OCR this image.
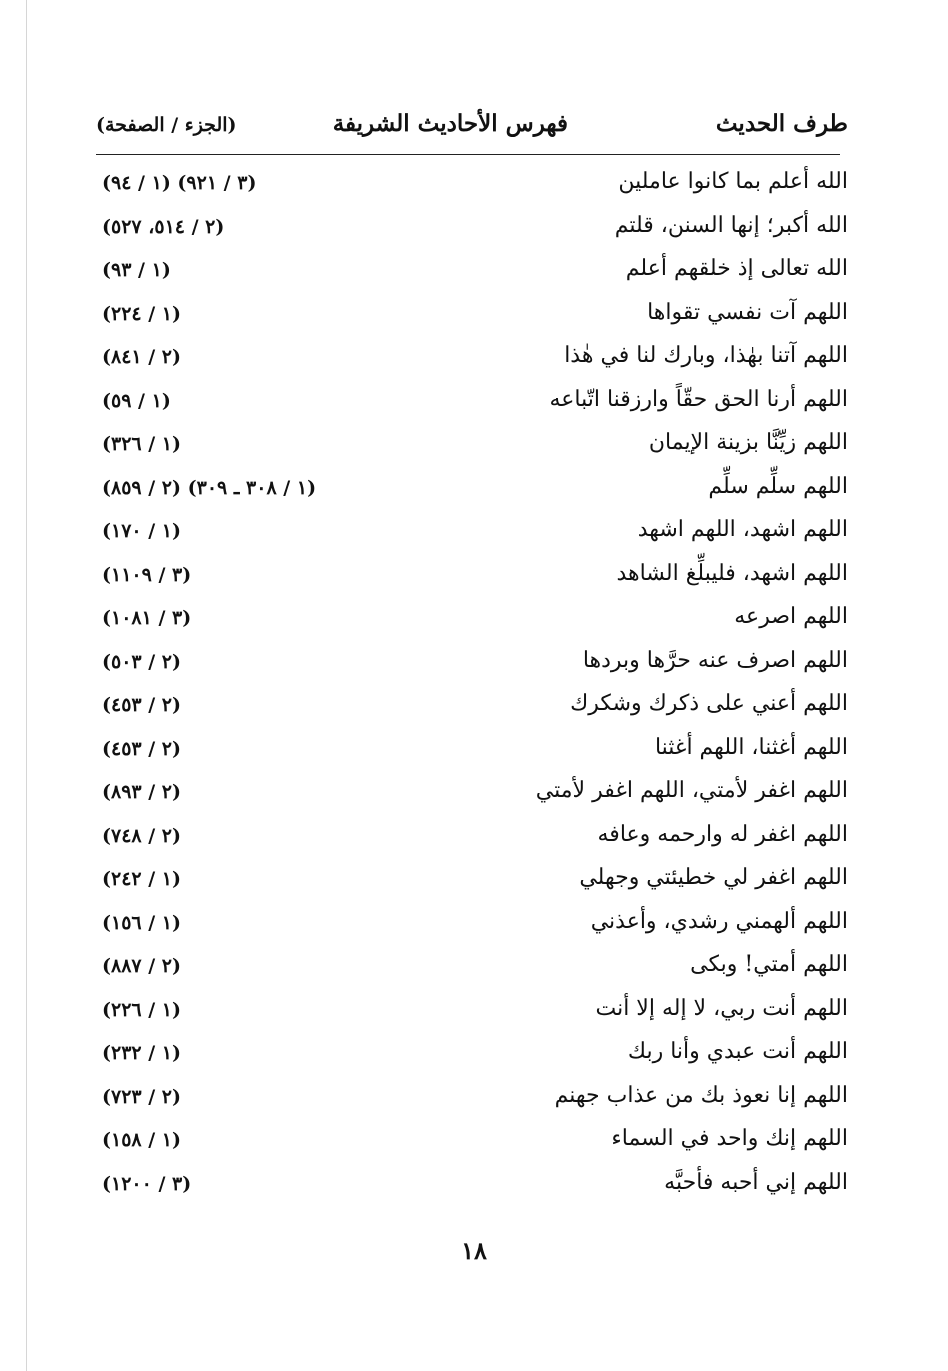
طرف الحديث
فهرس الأحاديث الشريفة
(الجزء / الصفحة)
الله أعلم بما كانوا عاملين
(١ / ٩٤) (٣ / ٩٢١)
الله أكبر؛ إنها السنن، قلتم
(٢ / ٥١٤، ٥٢٧)
الله تعالى إذ خلقهم أعلم
(١ / ٩٣)
اللهم آت نفسي تقواها
(١ / ٢٢٤)
اللهم آتنا بهٰذا، وبارك لنا في هٰذا
(٢ / ٨٤١)
اللهم أرنا الحق حقّاً وارزقنا اتّباعه
(١ / ٥٩)
اللهم زيِّنَّا بزينة الإيمان
(١ / ٣٢٦)
اللهم سلِّم سلِّم
(١ / ٣٠٨ ـ ٣٠٩) (٢ / ٨٥٩)
اللهم اشهد، اللهم اشهد
(١ / ١٧٠)
اللهم اشهد، فليبلِّغ الشاهد
(٣ / ١١٠٩)
اللهم اصرعه
(٣ / ١٠٨١)
اللهم اصرف عنه حرَّها وبردها
(٢ / ٥٠٣)
اللهم أعني على ذكرك وشكرك
(٢ / ٤٥٣)
اللهم أغثنا، اللهم أغثنا
(٢ / ٤٥٣)
اللهم اغفر لأمتي، اللهم اغفر لأمتي
(٢ / ٨٩٣)
اللهم اغفر له وارحمه وعافه
(٢ / ٧٤٨)
اللهم اغفر لي خطيئتي وجهلي
(١ / ٢٤٢)
اللهم ألهمني رشدي، وأعذني
(١ / ١٥٦)
اللهم أمتي! وبكى
(٢ / ٨٨٧)
اللهم أنت ربي، لا إله إلا أنت
(١ / ٢٢٦)
اللهم أنت عبدي وأنا ربك
(١ / ٢٣٢)
اللهم إنا نعوذ بك من عذاب جهنم
(٢ / ٧٢٣)
اللهم إنك واحد في السماء
(١ / ١٥٨)
اللهم إني أحبه فأحبَّه
(٣ / ١٢٠٠)
١٨
